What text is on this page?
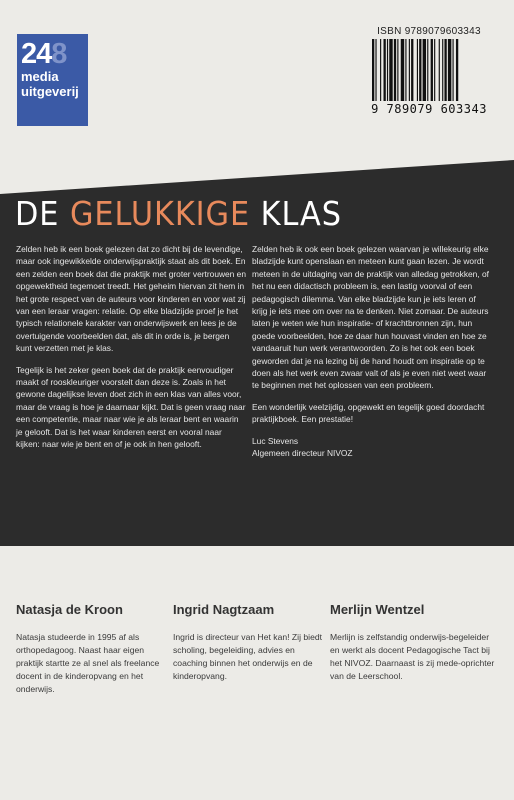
248
media
uitgeverij
ISBN 9789079603343
9 789079 603343
DE GELUKKIGE KLAS

Zelden heb ik een boek gelezen dat zo dicht bij de levendige, maar ook ingewikkelde onderwijspraktijk staat als dit boek. En een zelden een boek dat die praktijk met groter vertrouwen en opgewektheid tegemoet treedt. Het geheim hiervan zit hem in het grote respect van de auteurs voor kinderen en voor wat zij van een leraar vragen: relatie. Op elke bladzijde proef je het typisch relationele karakter van onderwijswerk en lees je de overtuigende voorbeelden dat, als dit in orde is, je bergen kunt verzetten met je klas.

Tegelijk is het zeker geen boek dat de praktijk eenvoudiger maakt of rooskleuriger voorstelt dan deze is. Zoals in het gewone dagelijkse leven doet zich in een klas van alles voor, maar de vraag is hoe je daarnaar kijkt. Dat is geen vraag naar een competentie, maar naar wie je als leraar bent en waarin je gelooft. Dat is het waar kinderen eerst en vooral naar kijken: naar wie je bent en of je ook in hen gelooft.

Zelden heb ik ook een boek gelezen waarvan je willekeurig elke bladzijde kunt openslaan en meteen kunt gaan lezen. Je wordt meteen in de uitdaging van de praktijk van alledag getrokken, of het nu een didactisch probleem is, een lastig voorval of een pedagogisch dilemma. Van elke bladzijde kun je iets leren of krijg je iets mee om over na te denken. Niet zomaar. De auteurs laten je weten wie hun inspiratie- of krachtbronnen zijn, hun goede voorbeelden, hoe ze daar hun houvast vinden en hoe ze vandaaruit hun werk verantwoorden. Zo is het ook een boek geworden dat je na lezing bij de hand houdt om inspiratie op te doen als het werk even zwaar valt of als je even niet weet waar te beginnen met het oplossen van een probleem.

Een wonderlijk veelzijdig, opgewekt en tegelijk goed doordacht praktijkboek. Een prestatie!

Luc Stevens
Algemeen directeur NIVOZ
Natasja de Kroon
Natasja studeerde in 1995 af als orthopedagoog. Naast haar eigen praktijk startte ze al snel als freelance docent in de kinderopvang en het onderwijs.
Ingrid Nagtzaam
Ingrid is directeur van Het kan! Zij biedt scholing, begeleiding, advies en coaching binnen het onderwijs en de kinderopvang.
Merlijn Wentzel
Merlijn is zelfstandig onderwijs-begeleider en werkt als docent Pedagogische Tact bij het NIVOZ. Daarnaast is zij mede-oprichter van de Leerschool.
